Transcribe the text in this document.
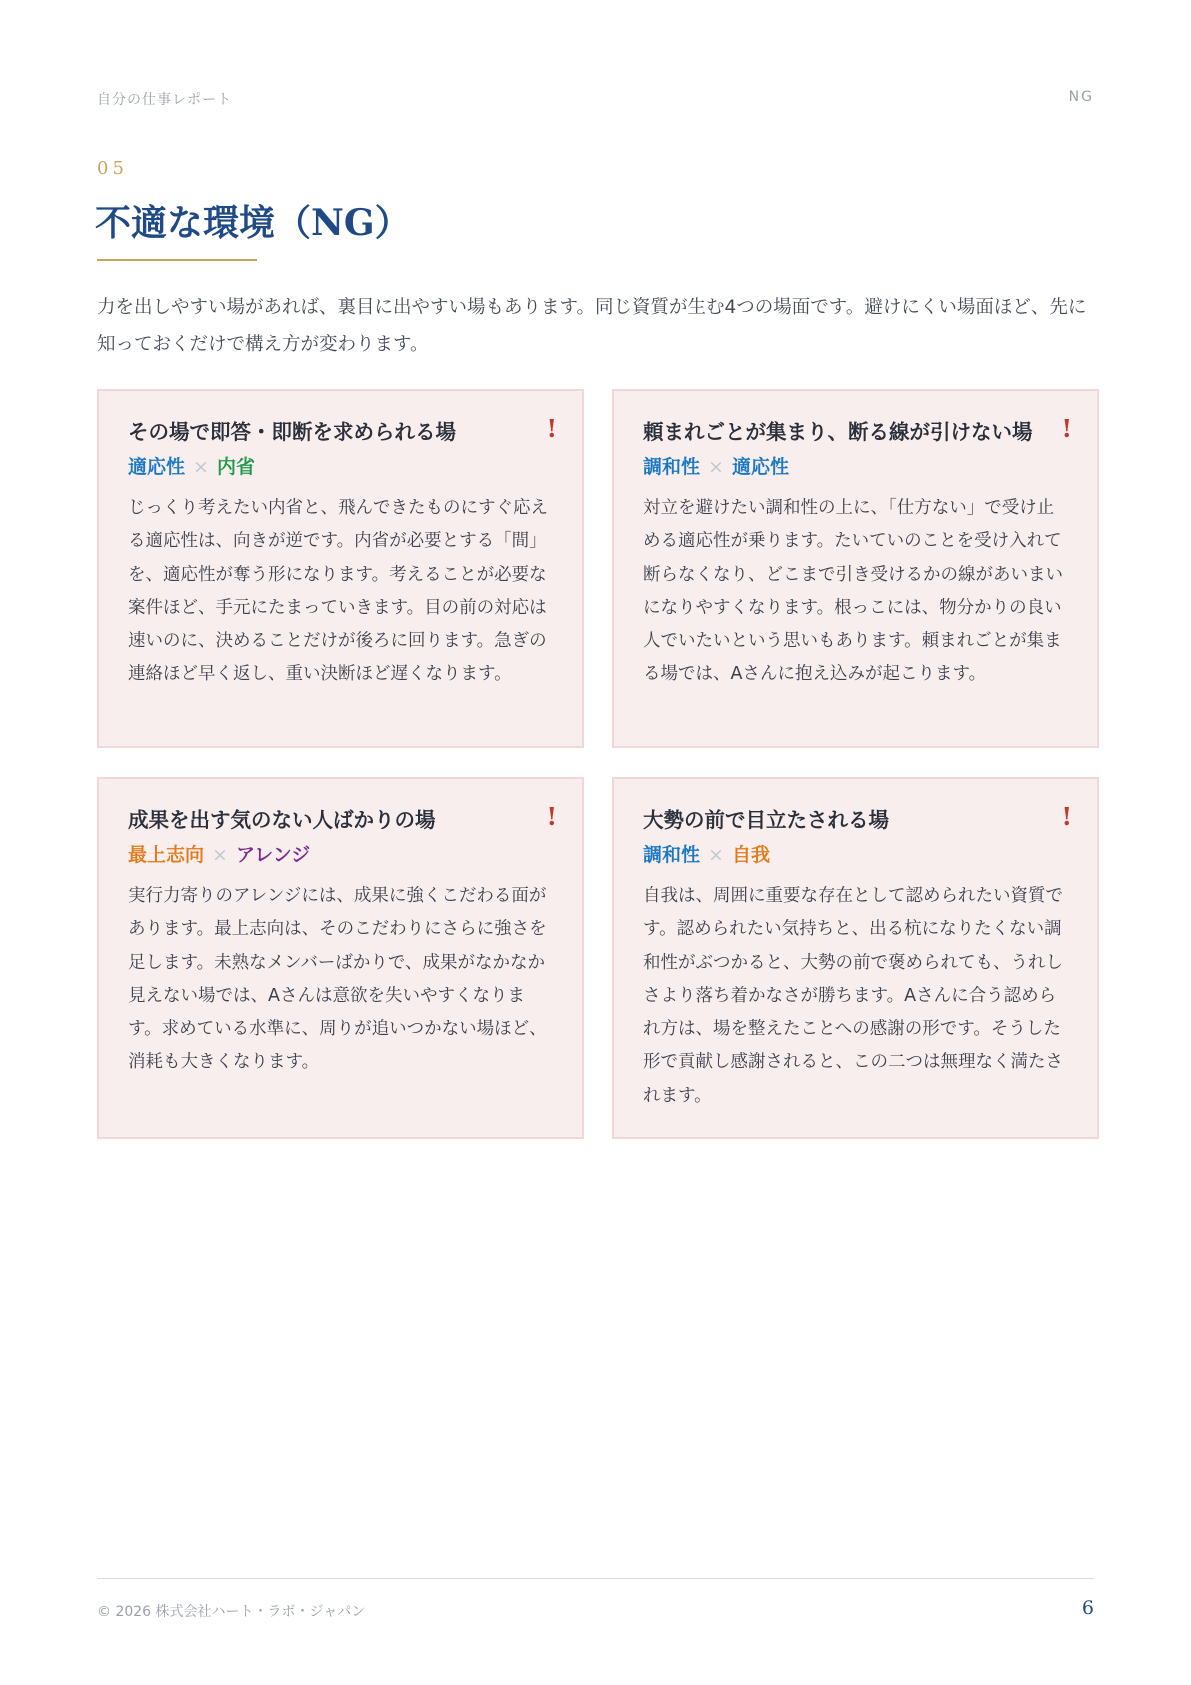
自分の仕事レポート	NG
05
不適な環境（NG）

力を出しやすい場があれば、裏目に出やすい場もあります。同じ資質が生む4つの場面です。避けにくい場面ほど、先に知っておくだけで構え方が変わります。

!
その場で即答・即断を求められる場
適応性 × 内省
じっくり考えたい内省と、飛んできたものにすぐ応える適応性は、向きが逆です。内省が必要とする「間」を、適応性が奪う形になります。考えることが必要な案件ほど、手元にたまっていきます。目の前の対応は速いのに、決めることだけが後ろに回ります。急ぎの連絡ほど早く返し、重い決断ほど遅くなります。
!
頼まれごとが集まり、断る線が引けない場
調和性 × 適応性
対立を避けたい調和性の上に、「仕方ない」で受け止める適応性が乗ります。たいていのことを受け入れて断らなくなり、どこまで引き受けるかの線があいまいになりやすくなります。根っこには、物分かりの良い人でいたいという思いもあります。頼まれごとが集まる場では、Aさんに抱え込みが起こります。
!
成果を出す気のない人ばかりの場
最上志向 × アレンジ
実行力寄りのアレンジには、成果に強くこだわる面があります。最上志向は、そのこだわりにさらに強さを足します。未熟なメンバーばかりで、成果がなかなか見えない場では、Aさんは意欲を失いやすくなります。求めている水準に、周りが追いつかない場ほど、消耗も大きくなります。
!
大勢の前で目立たされる場
調和性 × 自我
自我は、周囲に重要な存在として認められたい資質です。認められたい気持ちと、出る杭になりたくない調和性がぶつかると、大勢の前で褒められても、うれしさより落ち着かなさが勝ちます。Aさんに合う認められ方は、場を整えたことへの感謝の形です。そうした形で貢献し感謝されると、この二つは無理なく満たされます。
© 2026 株式会社ハート・ラボ・ジャパン	6
